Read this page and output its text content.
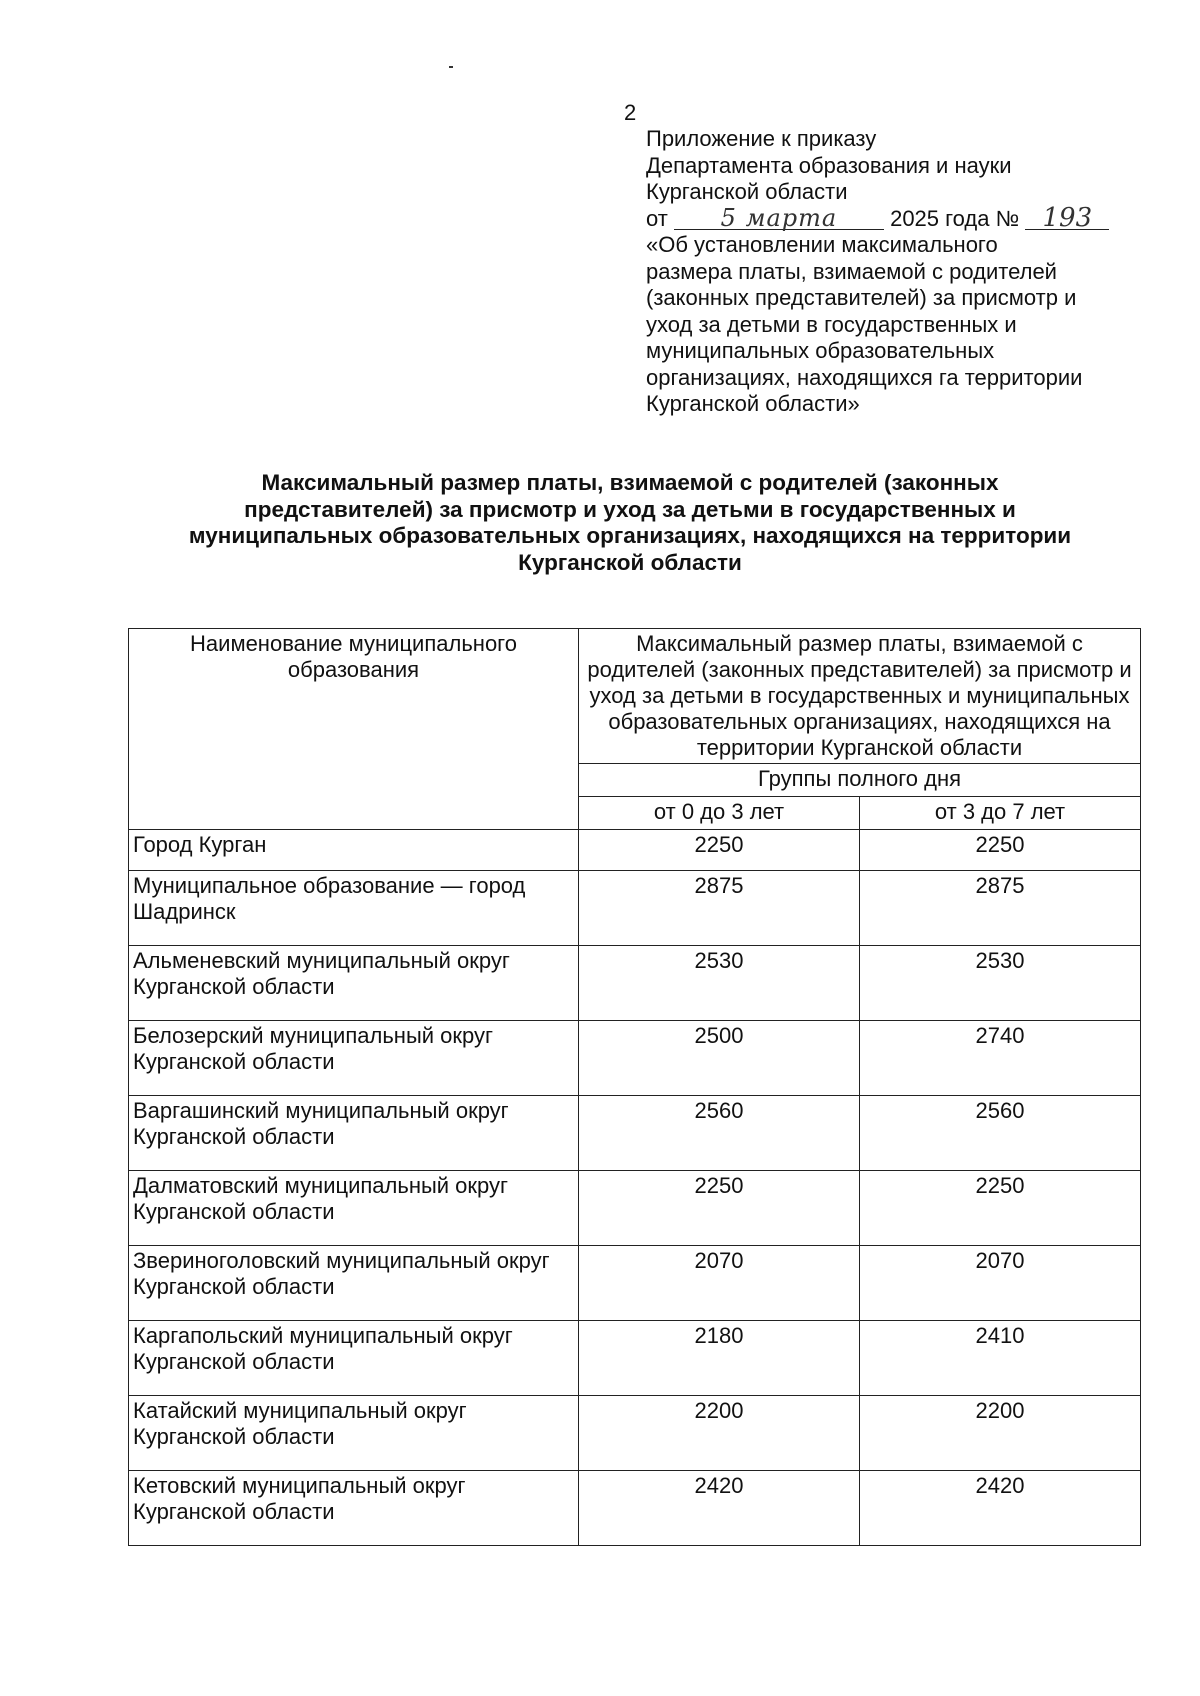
2
Приложение к приказу
Департамента образования и науки
Курганской области
от 5 марта 2025 года № 193
«Об установлении максимального
размера платы, взимаемой с родителей
(законных представителей) за присмотр и
уход за детьми в государственных и
муниципальных образовательных
организациях, находящихся га территории
Курганской области»
Максимальный размер платы, взимаемой с родителей (законных
представителей) за присмотр и уход за детьми в государственных и
муниципальных образовательных организациях, находящихся на территории
Курганской области
Наименование муниципального образования	Максимальный размер платы, взимаемой с родителей (законных представителей) за присмотр и уход за детьми в государственных и муниципальных образовательных организациях, находящихся на территории Курганской области	
	Группы полного дня	
	от 0 до 3 лет	от 3 до 7 лет
Город Курган	2250	2250
Муниципальное образование — город Шадринск	2875	2875
Альменевский муниципальный округ Курганской области	2530	2530
Белозерский муниципальный округ Курганской области	2500	2740
Варгашинский муниципальный округ Курганской области	2560	2560
Далматовский муниципальный округ Курганской области	2250	2250
Звериноголовский муниципальный округ Курганской области	2070	2070
Каргапольский муниципальный округ Курганской области	2180	2410
Катайский муниципальный округ Курганской области	2200	2200
Кетовский муниципальный округ Курганской области	2420	2420
